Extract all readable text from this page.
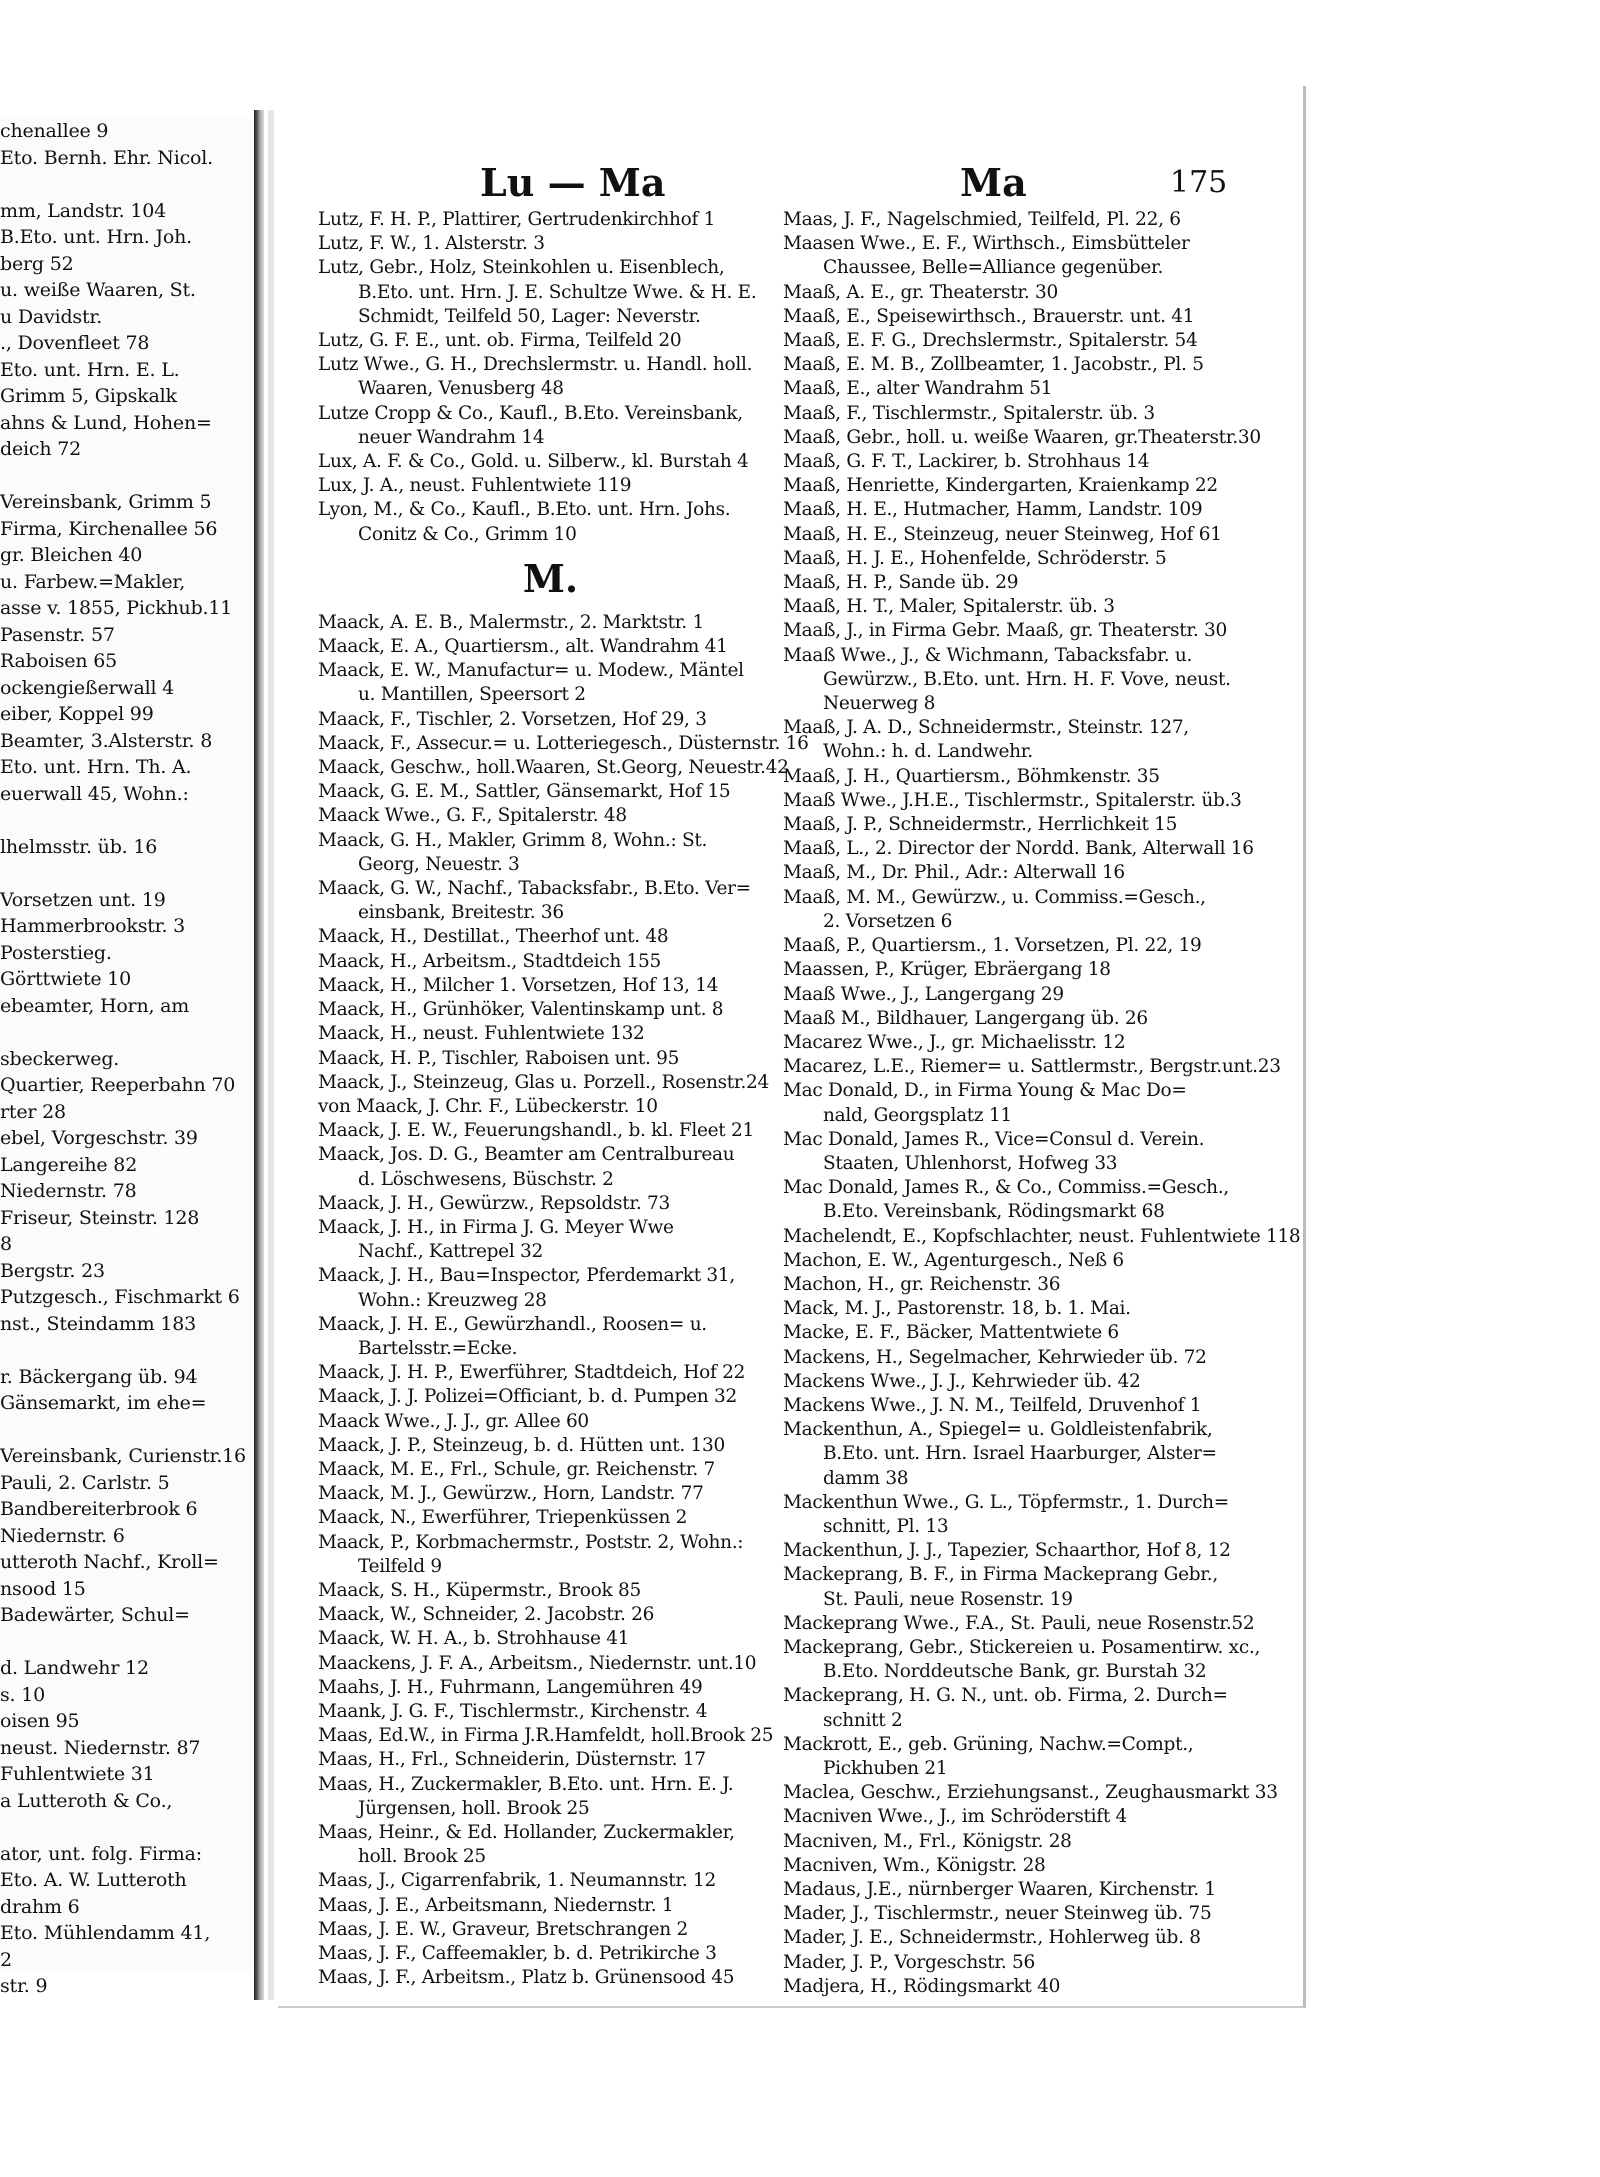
chenallee 9
Eto. Bernh. Ehr. Nicol.

mm, Landstr. 104
B.Eto. unt. Hrn. Joh.
berg 52
u. weiße Waaren, St.
u Davidstr.
., Dovenfleet 78
Eto. unt. Hrn. E. L.
Grimm 5, Gipskalk
ahns & Lund, Hohen=
deich 72

Vereinsbank, Grimm 5
Firma, Kirchenallee 56
gr. Bleichen 40
u. Farbew.=Makler,
asse v. 1855, Pickhub.11
Pasenstr. 57
Raboisen 65
ockengießerwall 4
eiber, Koppel 99
Beamter, 3.Alsterstr. 8
Eto. unt. Hrn. Th. A.
euerwall 45, Wohn.:

lhelmsstr. üb. 16

Vorsetzen unt. 19
Hammerbrookstr. 3
Posterstieg.
Görttwiete 10
ebeamter, Horn, am

sbeckerweg.
Quartier, Reeperbahn 70
rter 28
ebel, Vorgeschstr. 39
Langereihe 82
Niedernstr. 78
Friseur, Steinstr. 128
8
Bergstr. 23
Putzgesch., Fischmarkt 6
nst., Steindamm 183

r. Bäckergang üb. 94
Gänsemarkt, im ehe=

Vereinsbank, Curienstr.16
Pauli, 2. Carlstr. 5
Bandbereiterbrook 6
Niedernstr. 6
utteroth Nachf., Kroll=
nsood 15
Badewärter, Schul=

d. Landwehr 12
s. 10
oisen 95
neust. Niedernstr. 87
Fuhlentwiete 31
a Lutteroth & Co.,

ator, unt. folg. Firma:
Eto. A. W. Lutteroth
drahm 6
Eto. Mühlendamm 41,
2
str. 9
Lu — Ma	Ma	175
Lutz, F. H. P., Plattirer, Gertrudenkirchhof 1
Lutz, F. W., 1. Alsterstr. 3
Lutz, Gebr., Holz, Steinkohlen u. Eisenblech,
B.Eto. unt. Hrn. J. E. Schultze Wwe. & H. E.
Schmidt, Teilfeld 50, Lager: Neverstr.
Lutz, G. F. E., unt. ob. Firma, Teilfeld 20
Lutz Wwe., G. H., Drechslermstr. u. Handl. holl.
Waaren, Venusberg 48
Lutze Cropp & Co., Kaufl., B.Eto. Vereinsbank,
neuer Wandrahm 14
Lux, A. F. & Co., Gold. u. Silberw., kl. Burstah 4
Lux, J. A., neust. Fuhlentwiete 119
Lyon, M., & Co., Kaufl., B.Eto. unt. Hrn. Johs.
Conitz & Co., Grimm 10
M.
Maack, A. E. B., Malermstr., 2. Marktstr. 1
Maack, E. A., Quartiersm., alt. Wandrahm 41
Maack, E. W., Manufactur= u. Modew., Mäntel
u. Mantillen, Speersort 2
Maack, F., Tischler, 2. Vorsetzen, Hof 29, 3
Maack, F., Assecur.= u. Lotteriegesch., Düsternstr. 16
Maack, Geschw., holl.Waaren, St.Georg, Neuestr.42
Maack, G. E. M., Sattler, Gänsemarkt, Hof 15
Maack Wwe., G. F., Spitalerstr. 48
Maack, G. H., Makler, Grimm 8, Wohn.: St.
Georg, Neuestr. 3
Maack, G. W., Nachf., Tabacksfabr., B.Eto. Ver=
einsbank, Breitestr. 36
Maack, H., Destillat., Theerhof unt. 48
Maack, H., Arbeitsm., Stadtdeich 155
Maack, H., Milcher 1. Vorsetzen, Hof 13, 14
Maack, H., Grünhöker, Valentinskamp unt. 8
Maack, H., neust. Fuhlentwiete 132
Maack, H. P., Tischler, Raboisen unt. 95
Maack, J., Steinzeug, Glas u. Porzell., Rosenstr.24
von Maack, J. Chr. F., Lübeckerstr. 10
Maack, J. E. W., Feuerungshandl., b. kl. Fleet 21
Maack, Jos. D. G., Beamter am Centralbureau
d. Löschwesens, Büschstr. 2
Maack, J. H., Gewürzw., Repsoldstr. 73
Maack, J. H., in Firma J. G. Meyer Wwe
Nachf., Kattrepel 32
Maack, J. H., Bau=Inspector, Pferdemarkt 31,
Wohn.: Kreuzweg 28
Maack, J. H. E., Gewürzhandl., Roosen= u.
Bartelsstr.=Ecke.
Maack, J. H. P., Ewerführer, Stadtdeich, Hof 22
Maack, J. J. Polizei=Officiant, b. d. Pumpen 32
Maack Wwe., J. J., gr. Allee 60
Maack, J. P., Steinzeug, b. d. Hütten unt. 130
Maack, M. E., Frl., Schule, gr. Reichenstr. 7
Maack, M. J., Gewürzw., Horn, Landstr. 77
Maack, N., Ewerführer, Triepenküssen 2
Maack, P., Korbmachermstr., Poststr. 2, Wohn.:
Teilfeld 9
Maack, S. H., Küpermstr., Brook 85
Maack, W., Schneider, 2. Jacobstr. 26
Maack, W. H. A., b. Strohhause 41
Maackens, J. F. A., Arbeitsm., Niedernstr. unt.10
Maahs, J. H., Fuhrmann, Langemühren 49
Maank, J. G. F., Tischlermstr., Kirchenstr. 4
Maas, Ed.W., in Firma J.R.Hamfeldt, holl.Brook 25
Maas, H., Frl., Schneiderin, Düsternstr. 17
Maas, H., Zuckermakler, B.Eto. unt. Hrn. E. J.
Jürgensen, holl. Brook 25
Maas, Heinr., & Ed. Hollander, Zuckermakler,
holl. Brook 25
Maas, J., Cigarrenfabrik, 1. Neumannstr. 12
Maas, J. E., Arbeitsmann, Niedernstr. 1
Maas, J. E. W., Graveur, Bretschrangen 2
Maas, J. F., Caffeemakler, b. d. Petrikirche 3
Maas, J. F., Arbeitsm., Platz b. Grünensood 45
Maas, J. F., Nagelschmied, Teilfeld, Pl. 22, 6
Maasen Wwe., E. F., Wirthsch., Eimsbütteler
Chaussee, Belle=Alliance gegenüber.
Maaß, A. E., gr. Theaterstr. 30
Maaß, E., Speisewirthsch., Brauerstr. unt. 41
Maaß, E. F. G., Drechslermstr., Spitalerstr. 54
Maaß, E. M. B., Zollbeamter, 1. Jacobstr., Pl. 5
Maaß, E., alter Wandrahm 51
Maaß, F., Tischlermstr., Spitalerstr. üb. 3
Maaß, Gebr., holl. u. weiße Waaren, gr.Theaterstr.30
Maaß, G. F. T., Lackirer, b. Strohhaus 14
Maaß, Henriette, Kindergarten, Kraienkamp 22
Maaß, H. E., Hutmacher, Hamm, Landstr. 109
Maaß, H. E., Steinzeug, neuer Steinweg, Hof 61
Maaß, H. J. E., Hohenfelde, Schröderstr. 5
Maaß, H. P., Sande üb. 29
Maaß, H. T., Maler, Spitalerstr. üb. 3
Maaß, J., in Firma Gebr. Maaß, gr. Theaterstr. 30
Maaß Wwe., J., & Wichmann, Tabacksfabr. u.
Gewürzw., B.Eto. unt. Hrn. H. F. Vove, neust.
Neuerweg 8
Maaß, J. A. D., Schneidermstr., Steinstr. 127,
Wohn.: h. d. Landwehr.
Maaß, J. H., Quartiersm., Böhmkenstr. 35
Maaß Wwe., J.H.E., Tischlermstr., Spitalerstr. üb.3
Maaß, J. P., Schneidermstr., Herrlichkeit 15
Maaß, L., 2. Director der Nordd. Bank, Alterwall 16
Maaß, M., Dr. Phil., Adr.: Alterwall 16
Maaß, M. M., Gewürzw., u. Commiss.=Gesch.,
2. Vorsetzen 6
Maaß, P., Quartiersm., 1. Vorsetzen, Pl. 22, 19
Maassen, P., Krüger, Ebräergang 18
Maaß Wwe., J., Langergang 29
Maaß M., Bildhauer, Langergang üb. 26
Macarez Wwe., J., gr. Michaelisstr. 12
Macarez, L.E., Riemer= u. Sattlermstr., Bergstr.unt.23
Mac Donald, D., in Firma Young & Mac Do=
nald, Georgsplatz 11
Mac Donald, James R., Vice=Consul d. Verein.
Staaten, Uhlenhorst, Hofweg 33
Mac Donald, James R., & Co., Commiss.=Gesch.,
B.Eto. Vereinsbank, Rödingsmarkt 68
Machelendt, E., Kopfschlachter, neust. Fuhlentwiete 118
Machon, E. W., Agenturgesch., Neß 6
Machon, H., gr. Reichenstr. 36
Mack, M. J., Pastorenstr. 18, b. 1. Mai.
Macke, E. F., Bäcker, Mattentwiete 6
Mackens, H., Segelmacher, Kehrwieder üb. 72
Mackens Wwe., J. J., Kehrwieder üb. 42
Mackens Wwe., J. N. M., Teilfeld, Druvenhof 1
Mackenthun, A., Spiegel= u. Goldleistenfabrik,
B.Eto. unt. Hrn. Israel Haarburger, Alster=
damm 38
Mackenthun Wwe., G. L., Töpfermstr., 1. Durch=
schnitt, Pl. 13
Mackenthun, J. J., Tapezier, Schaarthor, Hof 8, 12
Mackeprang, B. F., in Firma Mackeprang Gebr.,
St. Pauli, neue Rosenstr. 19
Mackeprang Wwe., F.A., St. Pauli, neue Rosenstr.52
Mackeprang, Gebr., Stickereien u. Posamentirw. xc.,
B.Eto. Norddeutsche Bank, gr. Burstah 32
Mackeprang, H. G. N., unt. ob. Firma, 2. Durch=
schnitt 2
Mackrott, E., geb. Grüning, Nachw.=Compt.,
Pickhuben 21
Maclea, Geschw., Erziehungsanst., Zeughausmarkt 33
Macniven Wwe., J., im Schröderstift 4
Macniven, M., Frl., Königstr. 28
Macniven, Wm., Königstr. 28
Madaus, J.E., nürnberger Waaren, Kirchenstr. 1
Mader, J., Tischlermstr., neuer Steinweg üb. 75
Mader, J. E., Schneidermstr., Hohlerweg üb. 8
Mader, J. P., Vorgeschstr. 56
Madjera, H., Rödingsmarkt 40
